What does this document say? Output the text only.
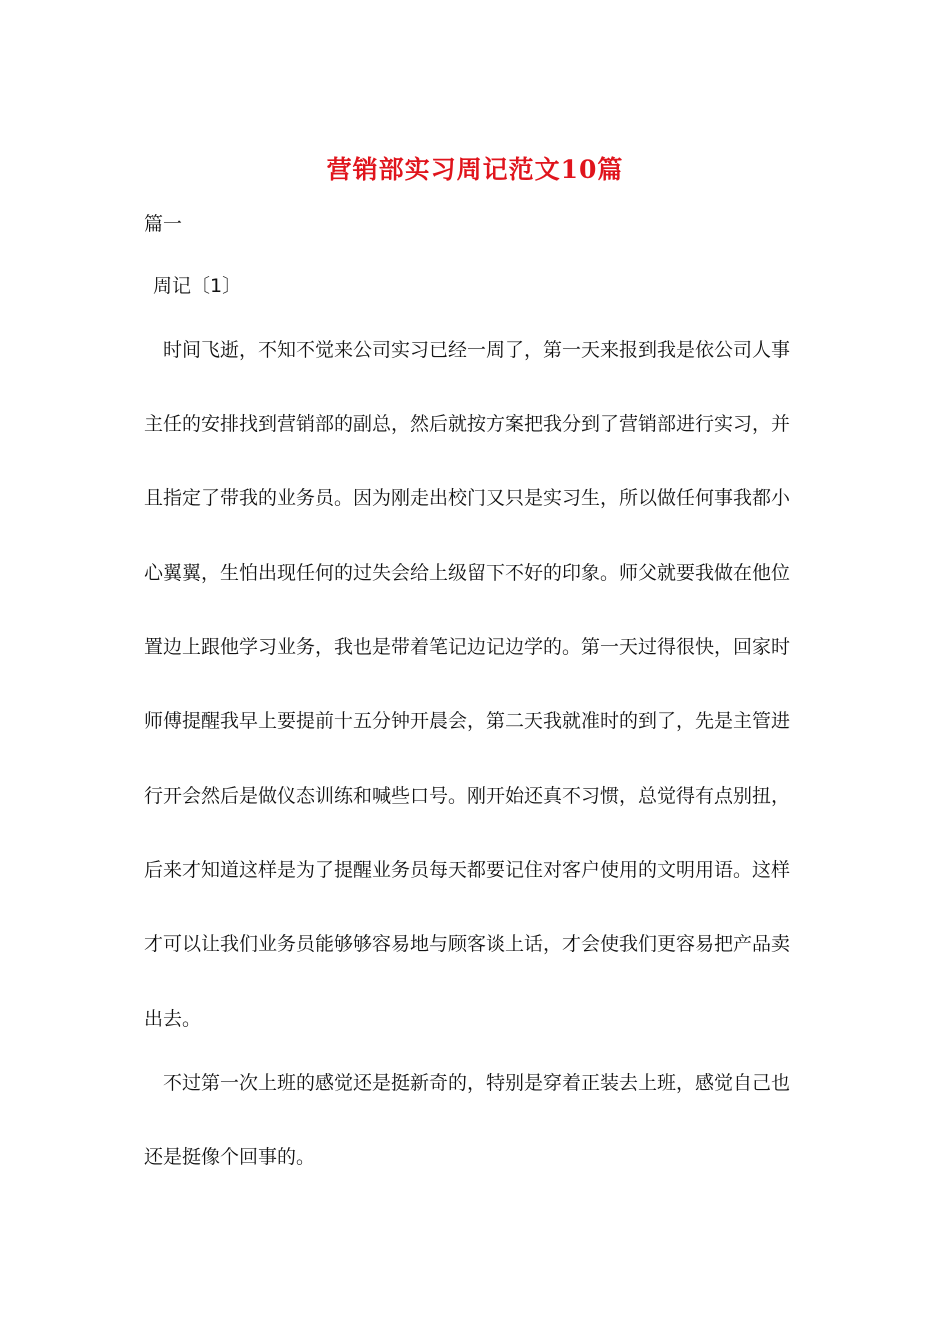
营销部实习周记范文10篇
篇一
周记〔1〕
时间飞逝，不知不觉来公司实习已经一周了，第一天来报到我是依公司人事
主任的安排找到营销部的副总，然后就按方案把我分到了营销部进行实习，并
且指定了带我的业务员。因为刚走出校门又只是实习生，所以做任何事我都小
心翼翼，生怕出现任何的过失会给上级留下不好的印象。师父就要我做在他位
置边上跟他学习业务，我也是带着笔记边记边学的。第一天过得很快，回家时
师傅提醒我早上要提前十五分钟开晨会，第二天我就准时的到了，先是主管进
行开会然后是做仪态训练和喊些口号。刚开始还真不习惯，总觉得有点别扭，
后来才知道这样是为了提醒业务员每天都要记住对客户使用的文明用语。这样
才可以让我们业务员能够够容易地与顾客谈上话，才会使我们更容易把产品卖
出去。
不过第一次上班的感觉还是挺新奇的，特别是穿着正装去上班，感觉自己也
还是挺像个回事的。
